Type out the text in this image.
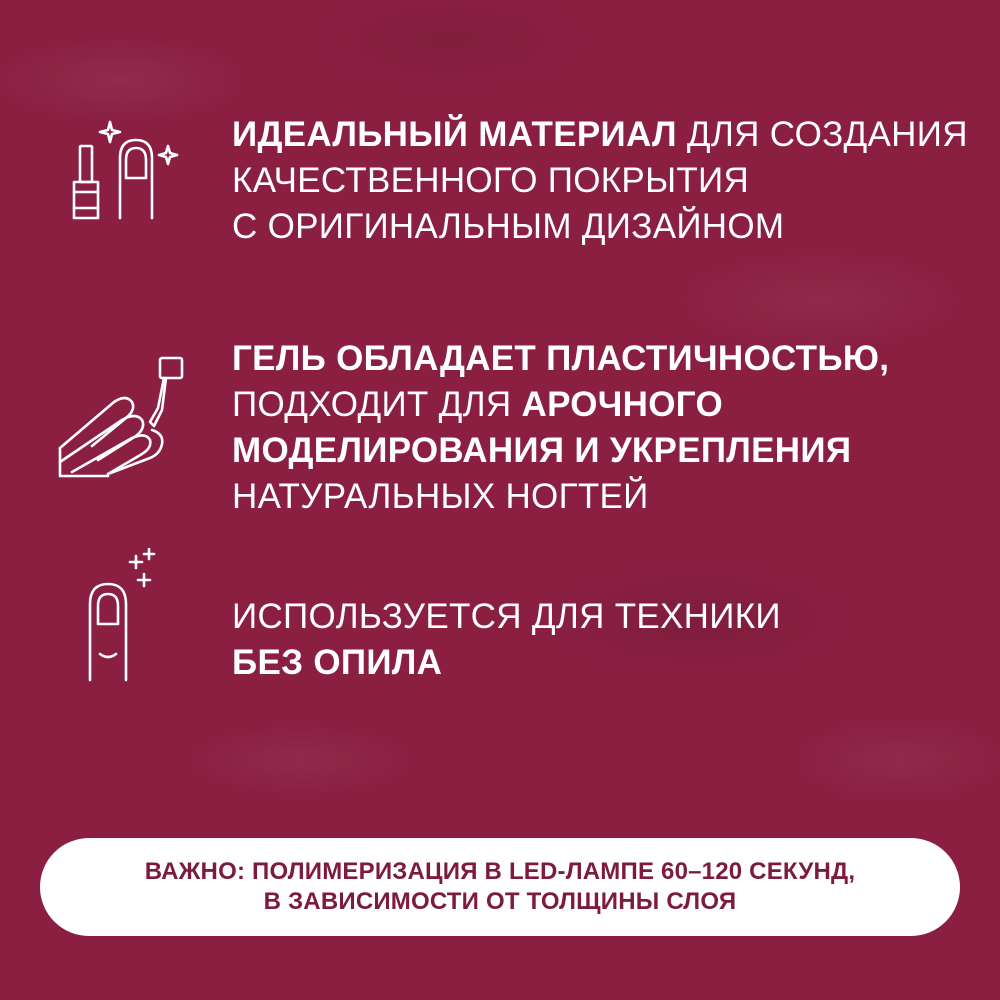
ИДЕАЛЬНЫЙ МАТЕРИАЛ ДЛЯ СОЗДАНИЯ
КАЧЕСТВЕННОГО ПОКРЫТИЯ
С ОРИГИНАЛЬНЫМ ДИЗАЙНОМ
ГЕЛЬ ОБЛАДАЕТ ПЛАСТИЧНОСТЬЮ,
ПОДХОДИТ ДЛЯ АРОЧНОГО
МОДЕЛИРОВАНИЯ И УКРЕПЛЕНИЯ
НАТУРАЛЬНЫХ НОГТЕЙ
ИСПОЛЬЗУЕТСЯ ДЛЯ ТЕХНИКИ
БЕЗ ОПИЛА
ВАЖНО: ПОЛИМЕРИЗАЦИЯ В LED-ЛАМПЕ 60–120 СЕКУНД,
В ЗАВИСИМОСТИ ОТ ТОЛЩИНЫ СЛОЯ
